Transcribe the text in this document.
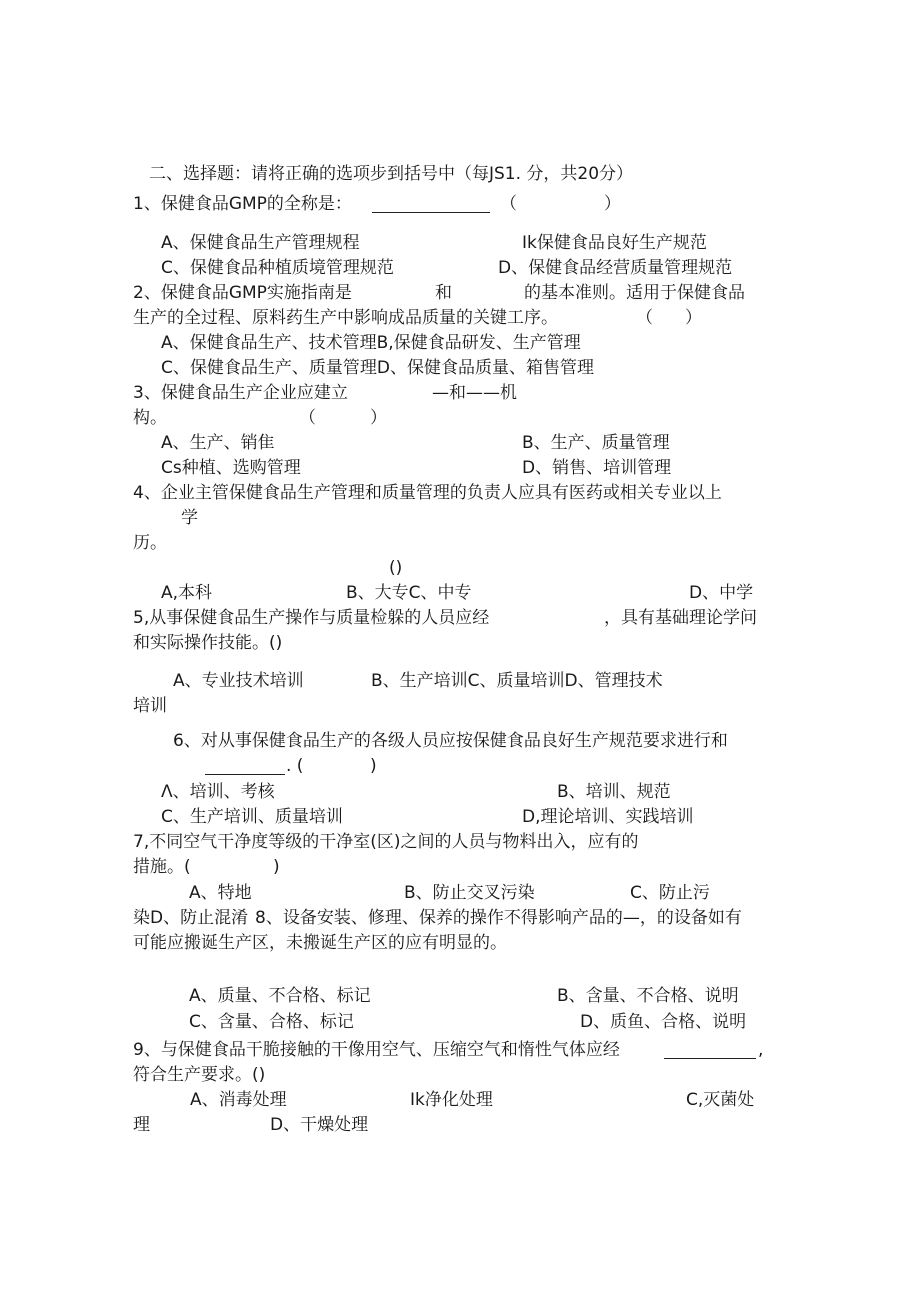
二、选择题：请将正确的选项步到括号中（每JS1. 分，共20分）
1、保健食品GMP的全称是：	（	）
A、保健食品生产管理规程	Ik保健食品良好生产规范
C、保健食品种植质境管理规范	D、保健食品经营质量管理规范
2、保健食品GMP实施指南是	和	的基本准则。适用于保健食品
生产的全过程、原料药生产中影响成品质量的关键工序。	（ ）
A、保健食品生产、技术管理B,保健食品研发、生产管理
C、保健食品生产、质量管理D、保健食品质量、箱售管理
3、保健食品生产企业应建立	—和——机
构。	（	）
A、生产、销隹	B、生产、质量管理
Cs种植、选购管理	D、销售、培训管理
4、企业主管保健食品生产管理和质量管理的负责人应具有医药或相关专业以上
学
历。
()
A,本科	B、大专C、中专	D、中学
5,从事保健食品生产操作与质量检躲的人员应经	，具有基础理论学问
和实际操作技能。()
A、专业技术培训	B、生产培训C、质量培训D、管理技术
培训
6、对从事保健食品生产的各级人员应按保健食品良好生产规范要求进行和
. (	)
Λ、培训、考核	B、培训、规范
C、生产培训、质量培训	D,理论培训、实践培训
7,不同空气干净度等级的干净室(区)之间的人员与物料出入，应有的
措施。(	)
A、特地	B、防止交叉污染	C、防止污
染D、防止混淆 8、设备安装、修理、保养的操作不得影响产品的—，的设备如有
可能应搬诞生产区，未搬诞生产区的应有明显的。
A、质量、不合格、标记	B、含量、不合格、说明
C、含量、合格、标记	D、质鱼、合格、说明
9、与保健食品干脆接触的干像用空气、压缩空气和惰性气体应经	,
符合生产要求。()
A、消毒处理	Ik净化处理	C,灭菌处
理	D、干燥处理
